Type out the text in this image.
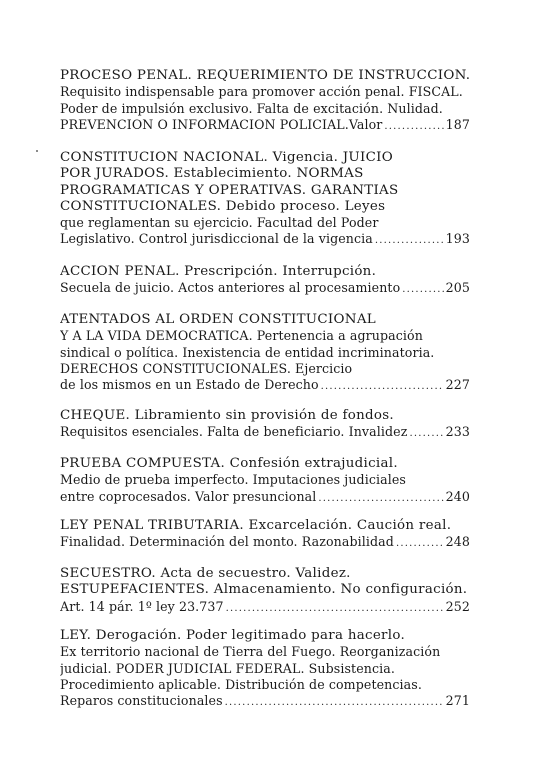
PROCESO PENAL. REQUERIMIENTO DE INSTRUCCION.
Requisito indispensable para promover acción penal. FISCAL.
Poder de impulsión exclusivo. Falta de excitación. Nulidad.
PREVENCION O INFORMACION POLICIAL.Valor .....	187
CONSTITUCION NACIONAL. Vigencia. JUICIO
POR JURADOS. Establecimiento. NORMAS
PROGRAMATICAS Y OPERATIVAS. GARANTIAS
CONSTITUCIONALES. Debido proceso. Leyes
que reglamentan su ejercicio. Facultad del Poder
Legislativo. Control jurisdiccional de la vigencia .....	193
ACCION PENAL. Prescripción. Interrupción.
Secuela de juicio. Actos anteriores al procesamiento .....	205
ATENTADOS AL ORDEN CONSTITUCIONAL
Y A LA VIDA DEMOCRATICA. Pertenencia a agrupación
sindical o política. Inexistencia de entidad incriminatoria.
DERECHOS CONSTITUCIONALES. Ejercicio
de los mismos en un Estado de Derecho .....	227
CHEQUE. Libramiento sin provisión de fondos.
Requisitos esenciales. Falta de beneficiario. Invalidez .....	233
PRUEBA COMPUESTA. Confesión extrajudicial.
Medio de prueba imperfecto. Imputaciones judiciales
entre coprocesados. Valor presuncional .....	240
LEY PENAL TRIBUTARIA. Excarcelación. Caución real.
Finalidad. Determinación del monto. Razonabilidad .....	248
SECUESTRO. Acta de secuestro. Validez.
ESTUPEFACIENTES. Almacenamiento. No configuración.
Art. 14 pár. 1º ley 23.737 .....	252
LEY. Derogación. Poder legitimado para hacerlo.
Ex territorio nacional de Tierra del Fuego. Reorganización
judicial. PODER JUDICIAL FEDERAL. Subsistencia.
Procedimiento aplicable. Distribución de competencias.
Reparos constitucionales .....	271
